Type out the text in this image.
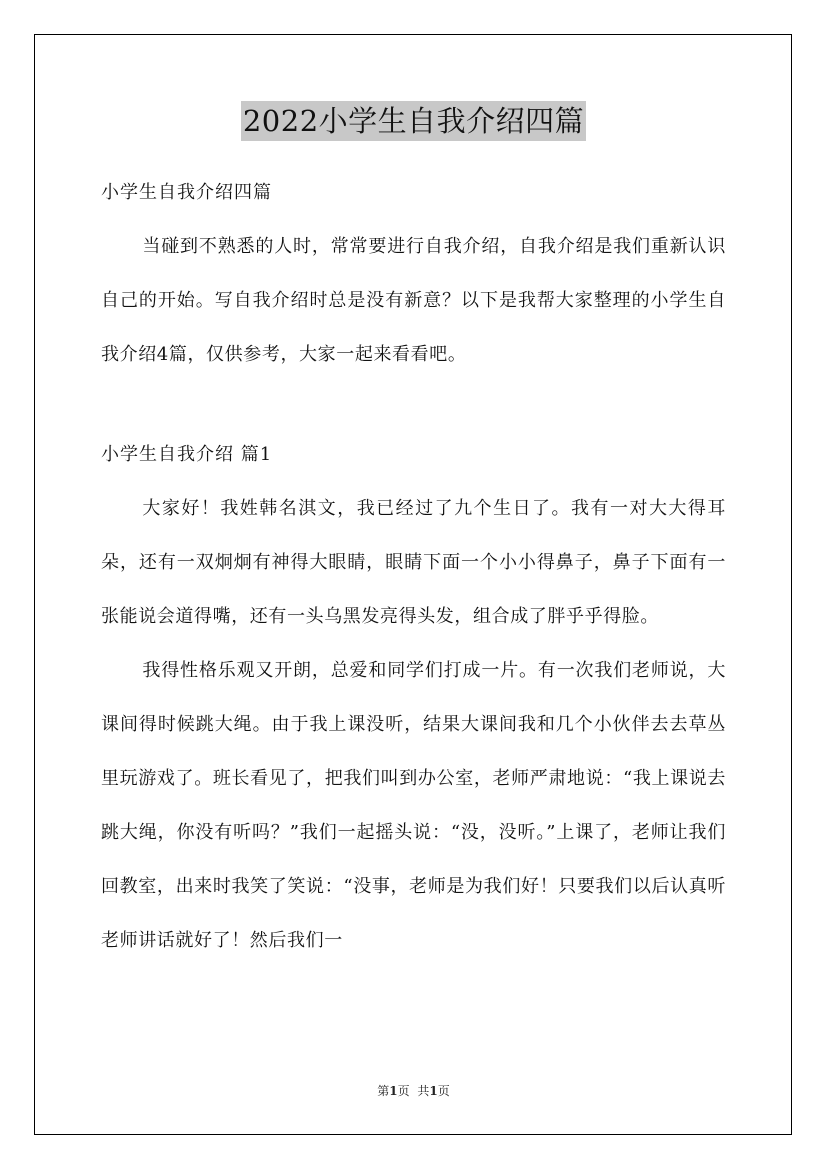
2022小学生自我介绍四篇

小学生自我介绍四篇

当碰到不熟悉的人时，常常要进行自我介绍，自我介绍是我们重新认识自己的开始。写自我介绍时总是没有新意？以下是我帮大家整理的小学生自我介绍4篇，仅供参考，大家一起来看看吧。

小学生自我介绍 篇1

大家好！我姓韩名淇文，我已经过了九个生日了。我有一对大大得耳朵，还有一双炯炯有神得大眼睛，眼睛下面一个小小得鼻子，鼻子下面有一张能说会道得嘴，还有一头乌黑发亮得头发，组合成了胖乎乎得脸。

我得性格乐观又开朗，总爱和同学们打成一片。有一次我们老师说，大课间得时候跳大绳。由于我上课没听，结果大课间我和几个小伙伴去去草丛里玩游戏了。班长看见了，把我们叫到办公室，老师严肃地说：“我上课说去跳大绳，你没有听吗？”我们一起摇头说：“没，没听。”上课了，老师让我们回教室，出来时我笑了笑说：“没事，老师是为我们好！只要我们以后认真听老师讲话就好了！然后我们一

第1页 共1页
